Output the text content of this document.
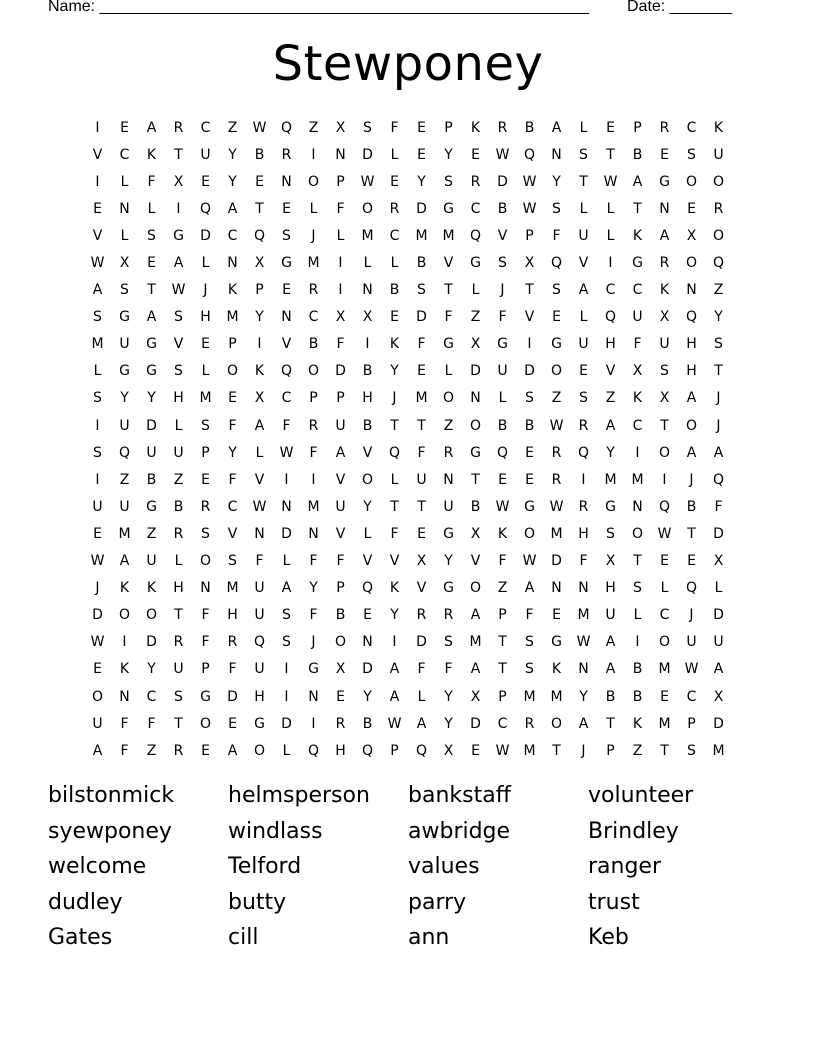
Name: _______________________________________________________ Date: _______
Stewponey
I	E	A	R	C	Z	W	Q	Z	X	S	F	E	P	K	R	B	A	L	E	P	R	C	K
V	C	K	T	U	Y	B	R	I	N	D	L	E	Y	E	W	Q	N	S	T	B	E	S	U
I	L	F	X	E	Y	E	N	O	P	W	E	Y	S	R	D	W	Y	T	W	A	G	O	O
E	N	L	I	Q	A	T	E	L	F	O	R	D	G	C	B	W	S	L	L	T	N	E	R
V	L	S	G	D	C	Q	S	J	L	M	C	M	M	Q	V	P	F	U	L	K	A	X	O
W	X	E	A	L	N	X	G	M	I	L	L	B	V	G	S	X	Q	V	I	G	R	O	Q
A	S	T	W	J	K	P	E	R	I	N	B	S	T	L	J	T	S	A	C	C	K	N	Z
S	G	A	S	H	M	Y	N	C	X	X	E	D	F	Z	F	V	E	L	Q	U	X	Q	Y
M	U	G	V	E	P	I	V	B	F	I	K	F	G	X	G	I	G	U	H	F	U	H	S
L	G	G	S	L	O	K	Q	O	D	B	Y	E	L	D	U	D	O	E	V	X	S	H	T
S	Y	Y	H	M	E	X	C	P	P	H	J	M	O	N	L	S	Z	S	Z	K	X	A	J
I	U	D	L	S	F	A	F	R	U	B	T	T	Z	O	B	B	W	R	A	C	T	O	J
S	Q	U	U	P	Y	L	W	F	A	V	Q	F	R	G	Q	E	R	Q	Y	I	O	A	A
I	Z	B	Z	E	F	V	I	I	V	O	L	U	N	T	E	E	R	I	M	M	I	J	Q
U	U	G	B	R	C	W	N	M	U	Y	T	T	U	B	W	G	W	R	G	N	Q	B	F
E	M	Z	R	S	V	N	D	N	V	L	F	E	G	X	K	O	M	H	S	O	W	T	D
W	A	U	L	O	S	F	L	F	F	V	V	X	Y	V	F	W	D	F	X	T	E	E	X
J	K	K	H	N	M	U	A	Y	P	Q	K	V	G	O	Z	A	N	N	H	S	L	Q	L
D	O	O	T	F	H	U	S	F	B	E	Y	R	R	A	P	F	E	M	U	L	C	J	D
W	I	D	R	F	R	Q	S	J	O	N	I	D	S	M	T	S	G	W	A	I	O	U	U
E	K	Y	U	P	F	U	I	G	X	D	A	F	F	A	T	S	K	N	A	B	M	W	A
O	N	C	S	G	D	H	I	N	E	Y	A	L	Y	X	P	M	M	Y	B	B	E	C	X
U	F	F	T	O	E	G	D	I	R	B	W	A	Y	D	C	R	O	A	T	K	M	P	D
A	F	Z	R	E	A	O	L	Q	H	Q	P	Q	X	E	W	M	T	J	P	Z	T	S	M
bilstonmick	helmsperson	bankstaff	volunteer
syewponey	windlass	awbridge	Brindley
welcome	Telford	values	ranger
dudley	butty	parry	trust
Gates	cill	ann	Keb
